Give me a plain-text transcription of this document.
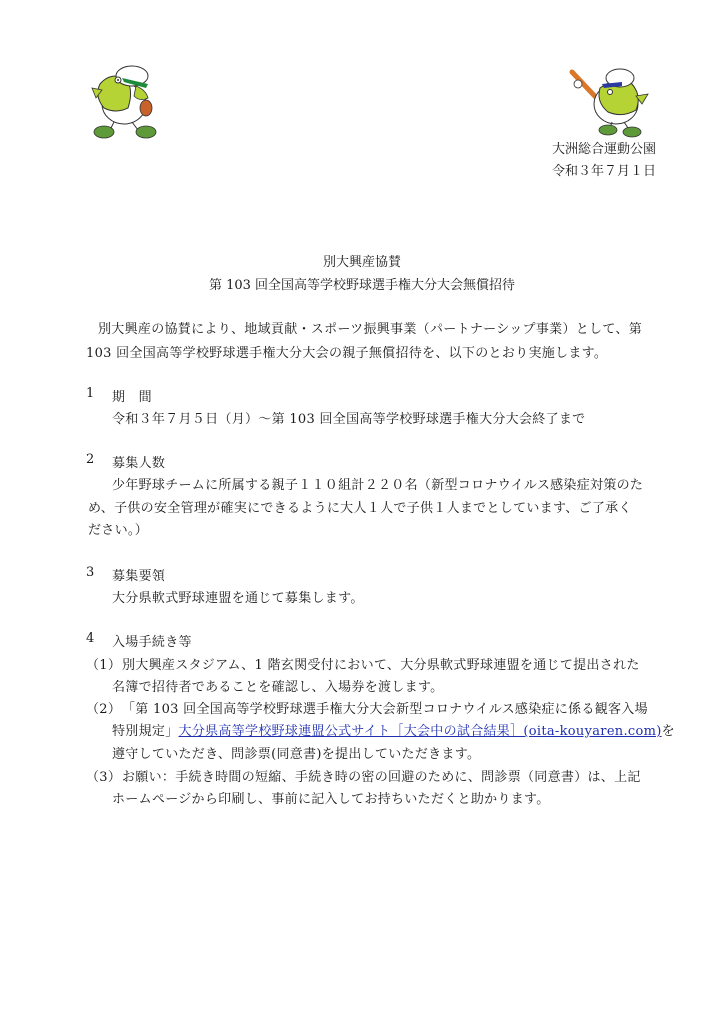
大洲総合運動公園
令和３年７月１日
別大興産協賛
第 103 回全国高等学校野球選手権大分大会無償招待
別大興産の協賛により、地域貢献・スポーツ振興事業（パートナーシップ事業）として、第
103 回全国高等学校野球選手権大分大会の親子無償招待を、以下のとおり実施します。
1 期　間
令和３年７月５日（月）～第 103 回全国高等学校野球選手権大分大会終了まで
2 募集人数
少年野球チームに所属する親子１１０組計２２０名（新型コロナウイルス感染症対策のた
め、子供の安全管理が確実にできるように大人１人で子供１人までとしています、ご了承く
ださい。）
3 募集要領
大分県軟式野球連盟を通じて募集します。
4 入場手続き等
（1） 別大興産スタジアム、1 階玄関受付において、大分県軟式野球連盟を通じて提出された
名簿で招待者であることを確認し、入場券を渡します。
（2） 「第 103 回全国高等学校野球選手権大分大会新型コロナウイルス感染症に係る観客入場
特別規定」大分県高等学校野球連盟公式サイト［大会中の試合結果］(oita-kouyaren.com)を
遵守していただき、問診票(同意書)を提出していただきます。
（3） お願い：手続き時間の短縮、手続き時の密の回避のために、問診票（同意書）は、上記
ホームページから印刷し、事前に記入してお持ちいただくと助かります。
